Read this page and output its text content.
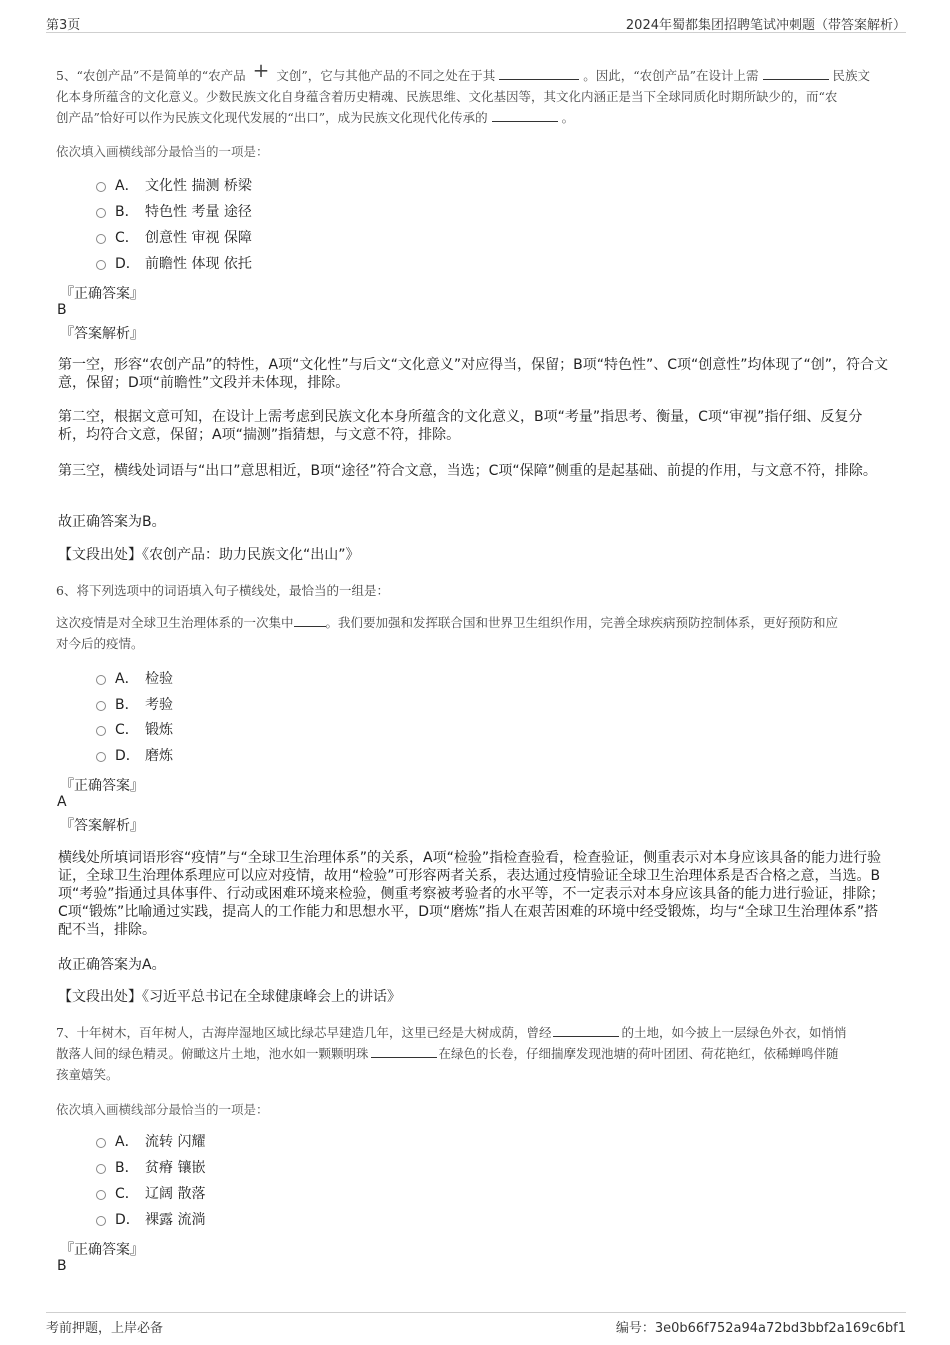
第3页	2024年蜀都集团招聘笔试冲刺题（带答案解析）
5、“农创产品”不是简单的“农产品 + 文创”，它与其他产品的不同之处在于其	。因此，“农创产品”在设计上需	民族文
化本身所蕴含的文化意义。少数民族文化自身蕴含着历史精魂、民族思维、文化基因等，其文化内涵正是当下全球同质化时期所缺少的，而“农
创产品”恰好可以作为民族文化现代发展的“出口”，成为民族文化现代化传承的	。
依次填入画横线部分最恰当的一项是：
A． 文化性 揣测 桥梁
B． 特色性 考量 途径
C． 创意性 审视 保障
D． 前瞻性 体现 依托
『正确答案』
B
『答案解析』
第一空，形容“农创产品”的特性，A项“文化性”与后文“文化意义”对应得当，保留；B项“特色性”、C项“创意性”均体现了“创”，符合文意，保留；D项“前瞻性”文段并未体现，排除。
第二空，根据文意可知，在设计上需考虑到民族文化本身所蕴含的文化意义，B项“考量”指思考、衡量，C项“审视”指仔细、反复分析，均符合文意，保留；A项“揣测”指猜想，与文意不符，排除。
第三空，横线处词语与“出口”意思相近，B项“途径”符合文意，当选；C项“保障”侧重的是起基础、前提的作用，与文意不符，排除。
故正确答案为B。
【文段出处】《农创产品：助力民族文化“出山”》
6、将下列选项中的词语填入句子横线处，最恰当的一组是：
这次疫情是对全球卫生治理体系的一次集中	。我们要加强和发挥联合国和世界卫生组织作用，完善全球疾病预防控制体系，更好预防和应
对今后的疫情。
A． 检验
B． 考验
C． 锻炼
D． 磨炼
『正确答案』
A
『答案解析』
横线处所填词语形容“疫情”与“全球卫生治理体系”的关系，A项“检验”指检查验看，检查验证，侧重表示对本身应该具备的能力进行验证，全球卫生治理体系理应可以应对疫情，故用“检验”可形容两者关系，表达通过疫情验证全球卫生治理体系是否合格之意，当选。B项“考验”指通过具体事件、行动或困难环境来检验，侧重考察被考验者的水平等，不一定表示对本身应该具备的能力进行验证，排除；C项“锻炼”比喻通过实践，提高人的工作能力和思想水平，D项“磨炼”指人在艰苦困难的环境中经受锻炼，均与“全球卫生治理体系”搭配不当，排除。
故正确答案为A。
【文段出处】《习近平总书记在全球健康峰会上的讲话》
7、十年树木，百年树人，古海岸湿地区域比绿芯早建造几年，这里已经是大树成荫，曾经	的土地，如今披上一层绿色外衣，如悄悄
散落人间的绿色精灵。俯瞰这片土地，池水如一颗颗明珠	在绿色的长卷，仔细揣摩发现池塘的荷叶团团、荷花艳红，依稀蝉鸣伴随
孩童嬉笑。
依次填入画横线部分最恰当的一项是：
A． 流转 闪耀
B． 贫瘠 镶嵌
C． 辽阔 散落
D． 裸露 流淌
『正确答案』
B
考前押题，上岸必备	编号：3e0b66f752a94a72bd3bbf2a169c6bf1
